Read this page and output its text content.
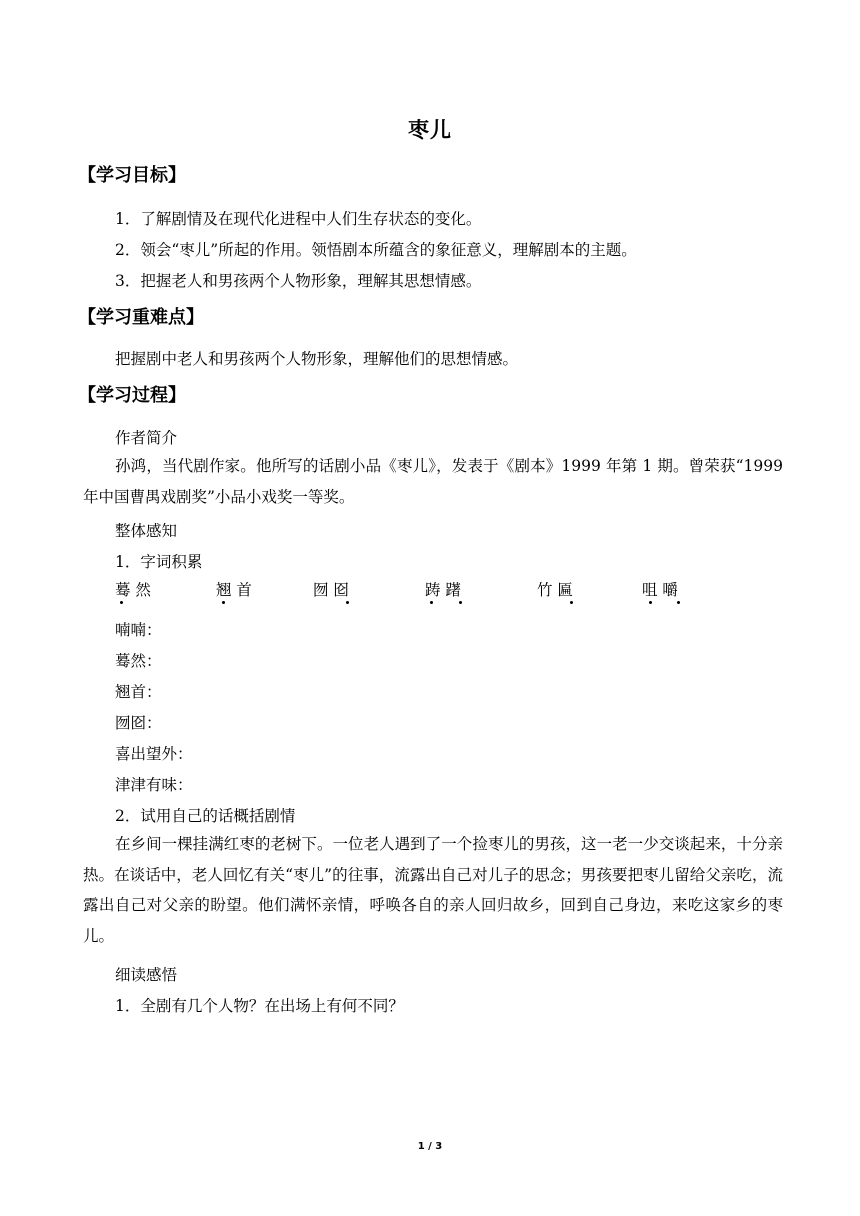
枣儿
【学习目标】
1．了解剧情及在现代化进程中人们生存状态的变化。
2．领会“枣儿”所起的作用。领悟剧本所蕴含的象征意义，理解剧本的主题。
3．把握老人和男孩两个人物形象，理解其思想情感。
【学习重难点】
把握剧中老人和男孩两个人物形象，理解他们的思想情感。
【学习过程】
作者简介
孙鸿，当代剧作家。他所写的话剧小品《枣儿》，发表于《剧本》1999 年第 1 期。曾荣获“1999 年中国曹禺戏剧奖”小品小戏奖一等奖。
整体感知
1．字词积累
蓦 然	翘 首	囫 囵	踌 躇	竹 匾	咀 嚼
喃喃：
蓦然：
翘首：
囫囵：
喜出望外：
津津有味：
2．试用自己的话概括剧情
在乡间一棵挂满红枣的老树下。一位老人遇到了一个捡枣儿的男孩，这一老一少交谈起来，十分亲热。在谈话中，老人回忆有关“枣儿”的往事，流露出自己对儿子的思念；男孩要把枣儿留给父亲吃，流露出自己对父亲的盼望。他们满怀亲情，呼唤各自的亲人回归故乡，回到自己身边，来吃这家乡的枣儿。
细读感悟
1．全剧有几个人物？在出场上有何不同？
1 / 3
